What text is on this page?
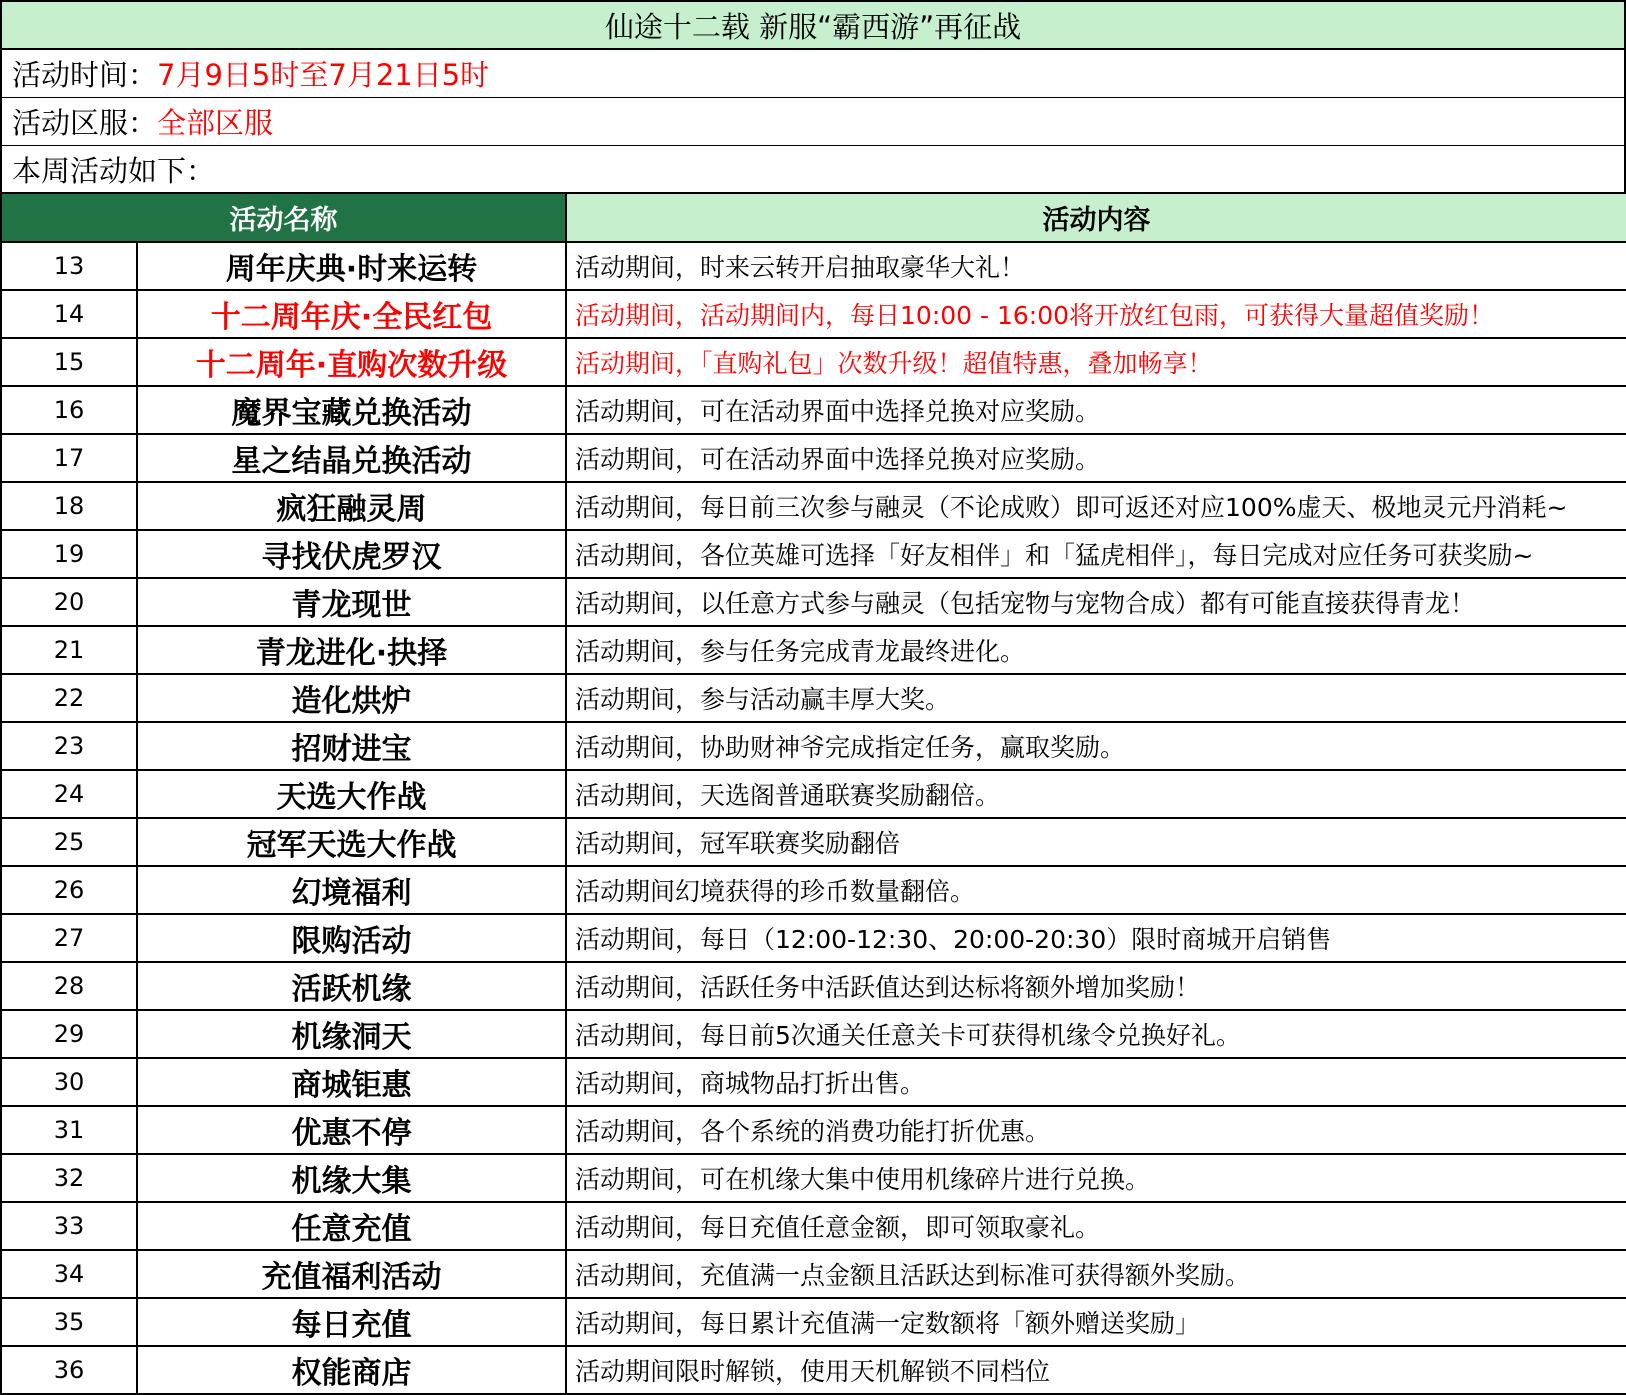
仙途十二载 新服“霸西游”再征战
活动时间： 7月9日5时至7月21日5时
活动区服： 全部区服
本周活动如下：
活动名称		活动内容
13	周年庆典·时来运转	活动期间，时来云转开启抽取豪华大礼！
14	十二周年庆·全民红包	活动期间，活动期间内，每日10:00 - 16:00将开放红包雨，可获得大量超值奖励！
15	十二周年·直购次数升级	活动期间，「直购礼包」次数升级！超值特惠，叠加畅享！
16	魔界宝藏兑换活动	活动期间，可在活动界面中选择兑换对应奖励。
17	星之结晶兑换活动	活动期间，可在活动界面中选择兑换对应奖励。
18	疯狂融灵周	活动期间，每日前三次参与融灵（不论成败）即可返还对应100%虚天、极地灵元丹消耗~
19	寻找伏虎罗汉	活动期间，各位英雄可选择「好友相伴」和「猛虎相伴」，每日完成对应任务可获奖励~
20	青龙现世	活动期间，以任意方式参与融灵（包括宠物与宠物合成）都有可能直接获得青龙！
21	青龙进化·抉择	活动期间，参与任务完成青龙最终进化。
22	造化烘炉	活动期间，参与活动赢丰厚大奖。
23	招财进宝	活动期间，协助财神爷完成指定任务，赢取奖励。
24	天选大作战	活动期间，天选阁普通联赛奖励翻倍。
25	冠军天选大作战	活动期间，冠军联赛奖励翻倍
26	幻境福利	活动期间幻境获得的珍币数量翻倍。
27	限购活动	活动期间，每日（12:00-12:30、20:00-20:30）限时商城开启销售
28	活跃机缘	活动期间，活跃任务中活跃值达到达标将额外增加奖励！
29	机缘洞天	活动期间，每日前5次通关任意关卡可获得机缘令兑换好礼。
30	商城钜惠	活动期间，商城物品打折出售。
31	优惠不停	活动期间，各个系统的消费功能打折优惠。
32	机缘大集	活动期间，可在机缘大集中使用机缘碎片进行兑换。
33	任意充值	活动期间，每日充值任意金额，即可领取豪礼。
34	充值福利活动	活动期间，充值满一点金额且活跃达到标准可获得额外奖励。
35	每日充值	活动期间，每日累计充值满一定数额将「额外赠送奖励」
36	权能商店	活动期间限时解锁，使用天机解锁不同档位
